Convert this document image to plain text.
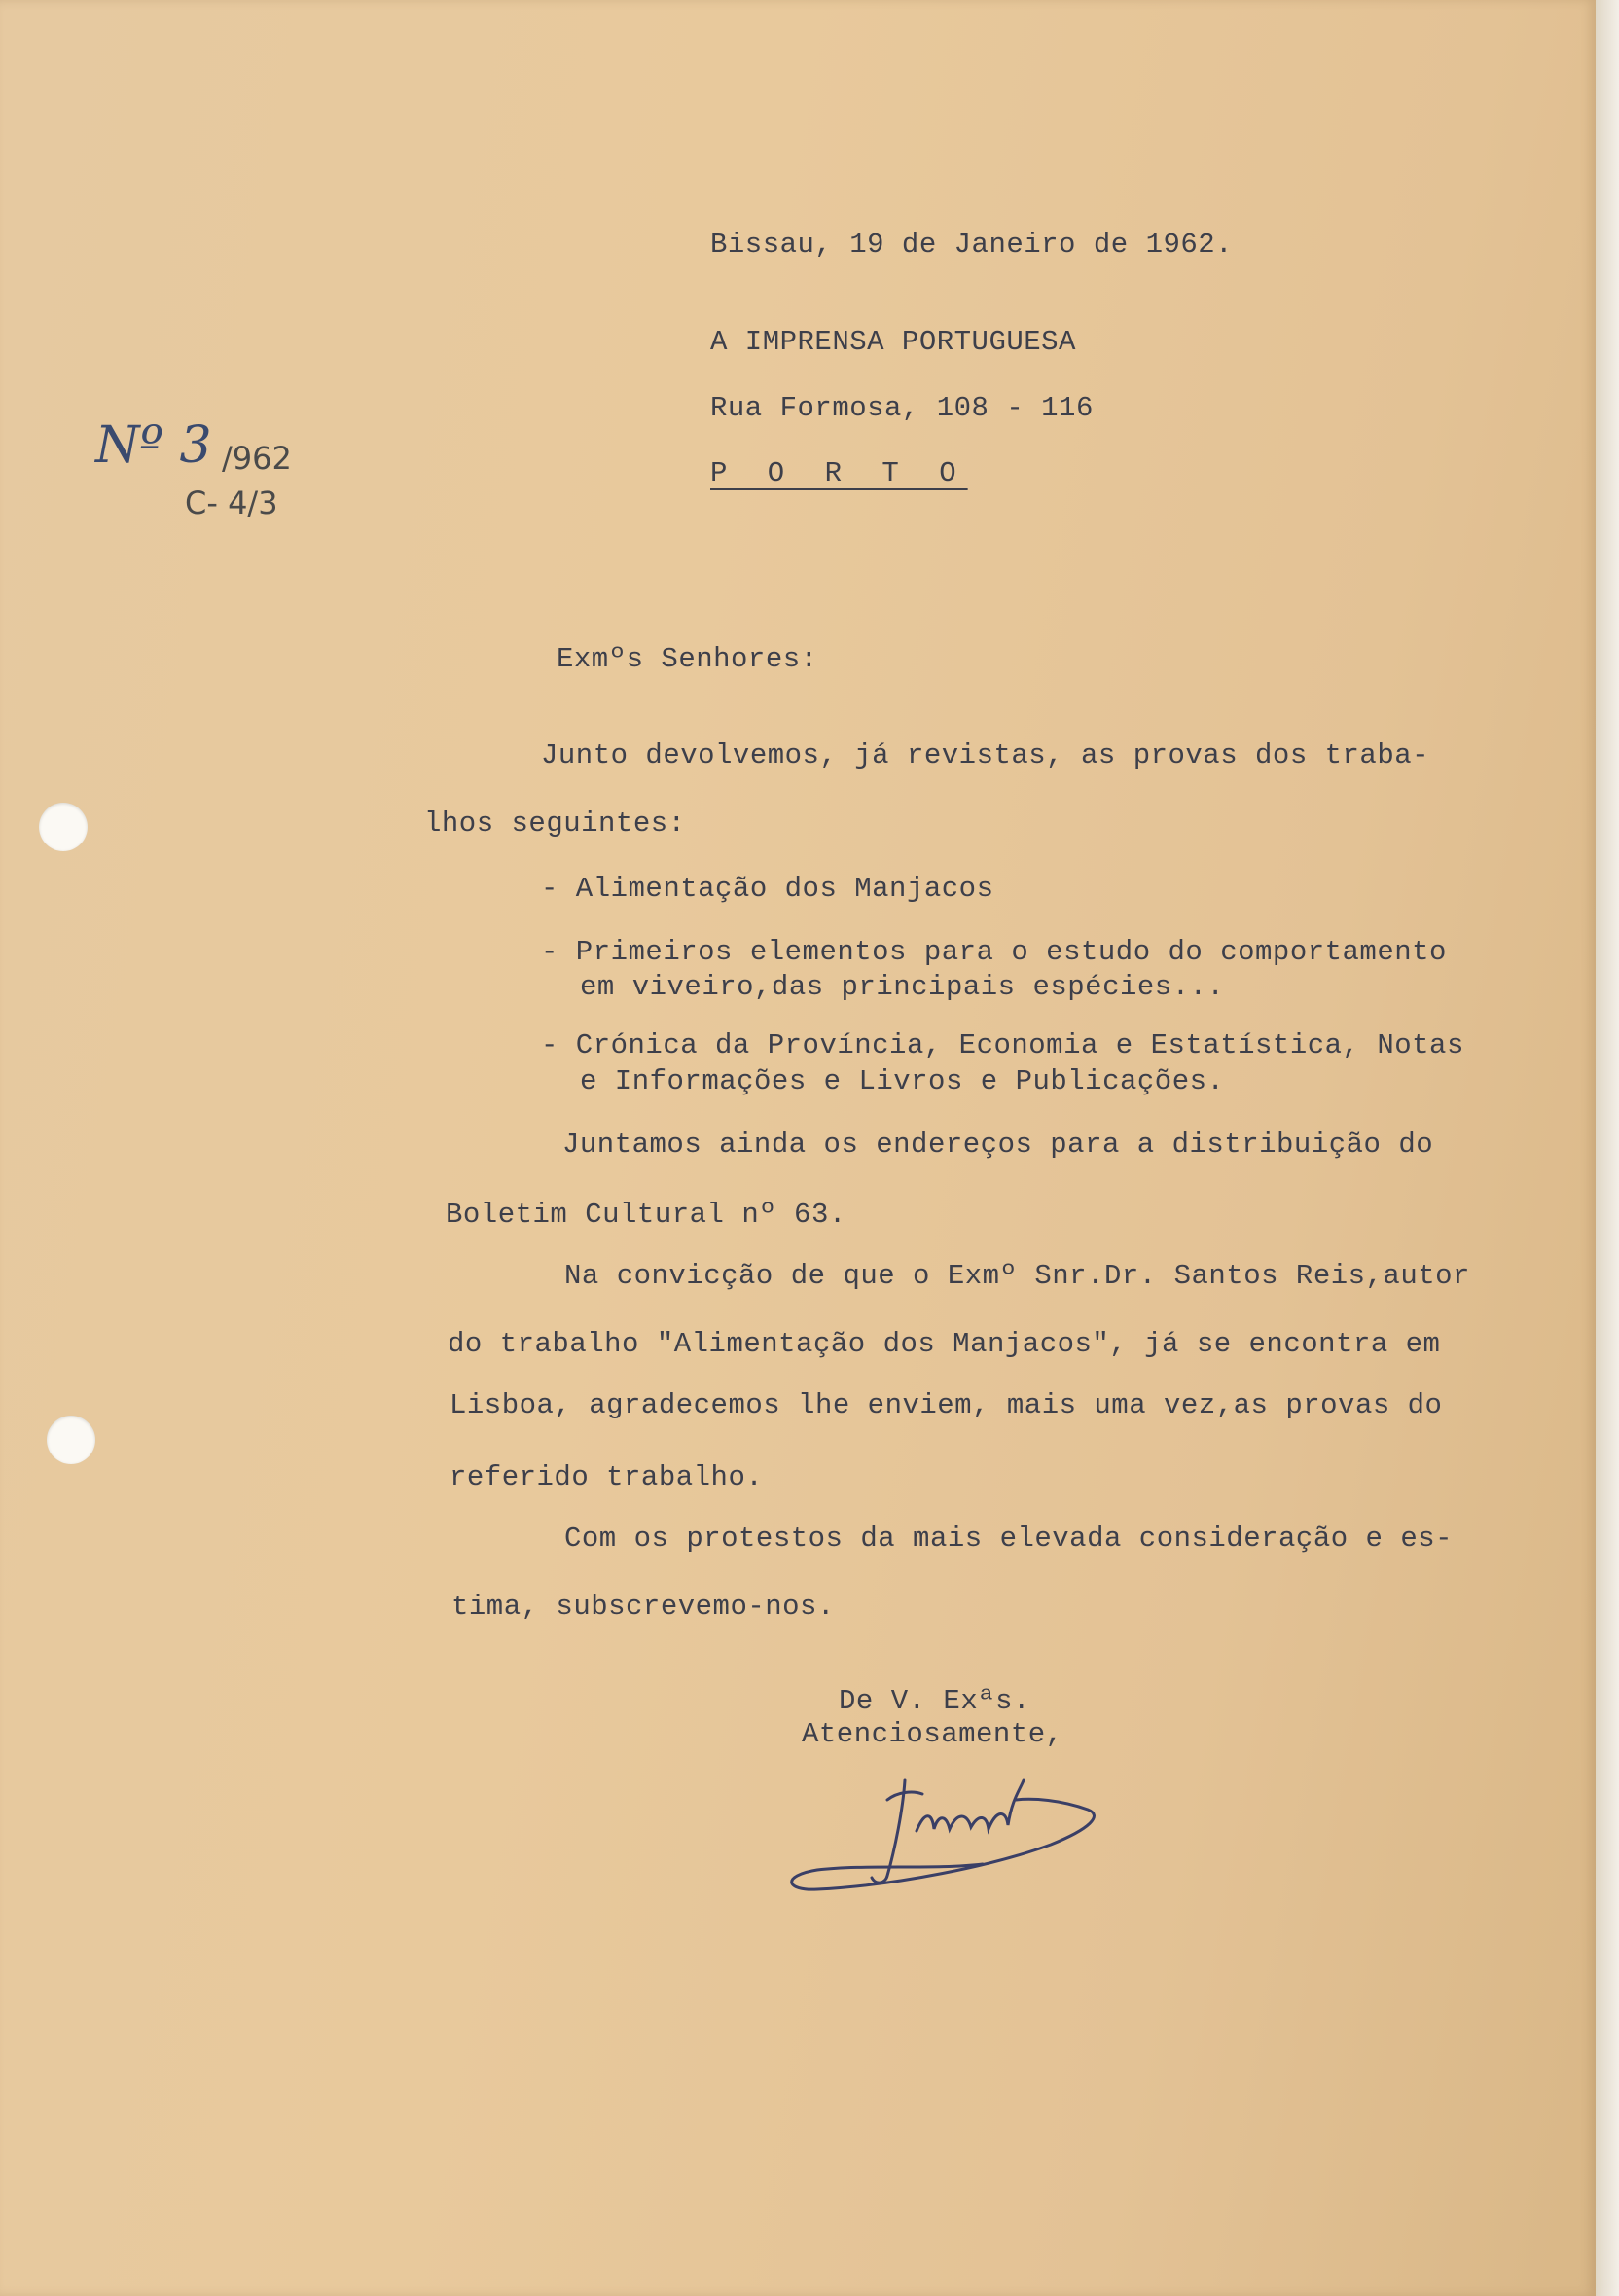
Nº 3 /962
C- 4/3
Bissau, 19 de Janeiro de 1962.
A IMPRENSA PORTUGUESA
Rua Formosa, 108 - 116
P O R T O
Exmºs Senhores:
Junto devolvemos, já revistas, as provas dos traba-
lhos seguintes:
- Alimentação dos Manjacos
- Primeiros elementos para o estudo do comportamento
em viveiro,das principais espécies...
- Crónica da Província, Economia e Estatística, Notas
e Informações e Livros e Publicações.
Juntamos ainda os endereços para a distribuição do
Boletim Cultural nº 63.
Na convicção de que o Exmº Snr.Dr. Santos Reis,autor
do trabalho "Alimentação dos Manjacos", já se encontra em
Lisboa, agradecemos lhe enviem, mais uma vez,as provas do
referido trabalho.
Com os protestos da mais elevada consideração e es-
tima, subscrevemo-nos.
De V. Exªs.
Atenciosamente,
